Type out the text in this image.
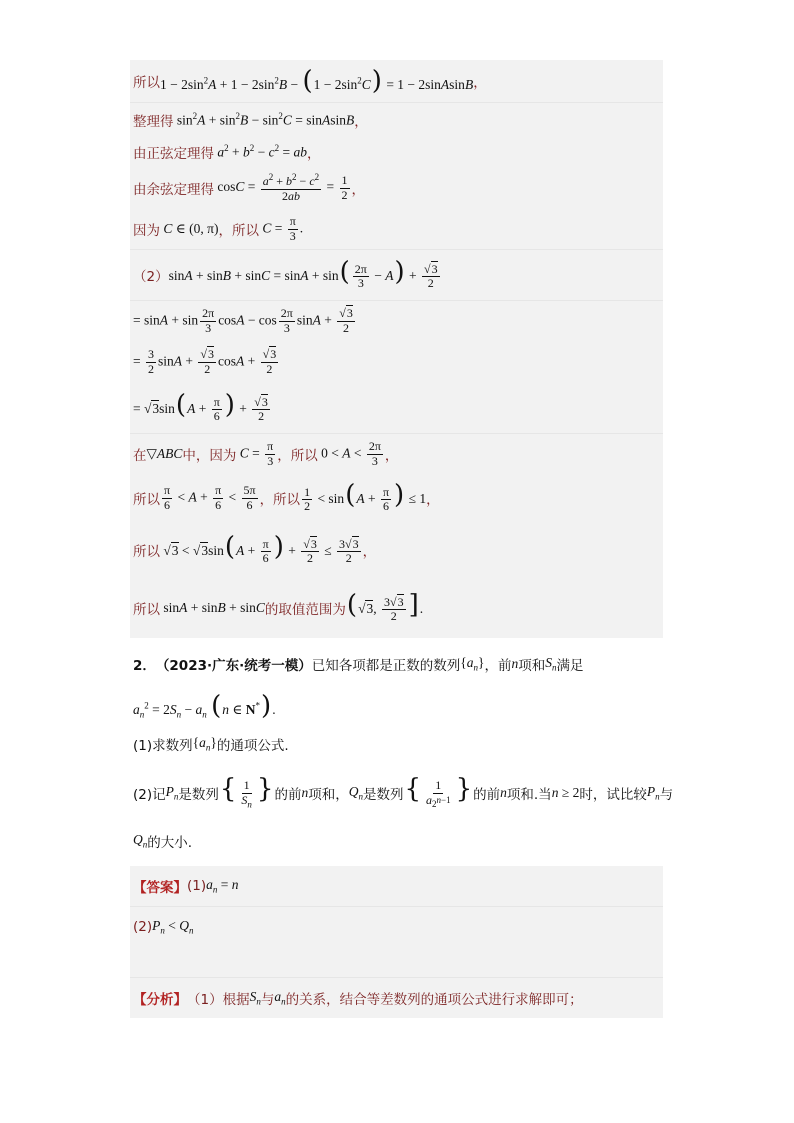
所以 $1 - 2\sin^2A + 1 - 2\sin^2B - (1 - 2\sin^2C) = 1$ − 2sinAsinB ，
整理得 $\sin^2A + \sin^2B - \sin^2C$ = sinAsinB ，
由正弦定理得 $a^2 + b^2 - c^2$ = ab ，
由余弦定理得 $\cos C = \frac{a^2 + b^2 - c^2}{2ab} = \frac{1}{2}$ ，
因为 C ∈ (0, π) ，所以 $C = \frac{\pi}{3}$ .
（2） $\sin A + \sin B + \sin C = \sin A + \sin( \frac{2\pi}{3} - A) + \frac{√3}{2}$
= $\sin A + \sin \frac{2\pi}{3}$ $\cos A - \cos \frac{2\pi}{3}$ $\sin A + \frac{√3}{2}$
= $\frac{3}{2}$ $\sin A + \frac{√3}{2}$ $\cos A + \frac{√3}{2}$
= $√3\sin(A + \frac{\pi}{6}$ ) + $\frac{√3}{2}$
在 ▽ABC 中，因为 $C = \frac{\pi}{3}$ ，所以 $0 < A < \frac{2\pi}{3}$ ，
所以 $\frac{\pi}{6} < A + \frac{\pi}{6} < \frac{5\pi}{6}$ ，所以 $\frac{1}{2} < \sin(A + \frac{\pi}{6}$ ) ≤ 1 ，
所以 $√3 < √3\sin(A + \frac{\pi}{6}$ ) + $\frac{√3}{2} \le \frac{3√3}{2}$ ，
所以 sinA + sinB + sinC 的取值范围为 (√3, $\frac{3√3}{2}$ ].
2． （2023·广东·统考一模） 已知各项都是正数的数列 $\{a_n\}$ ，前 n 项和 $S_n$ 满足
$a_n^2 = 2S_n - a_n$ (n ∈ N*).
(1)求数列 $\{a_n\}$ 的通项公式.
(2)记 $P_n$ 是数列 { $\frac{1}{S_n}$ } 的前 n 项和， $Q_n$ 是数列 { $\frac{1}{a_{2^{n-1}}}$ } 的前 n 项和.当 n ≥ 2 时，试比较 $P_n$ 与
$Q_n$ 的大小.
【答案】 (1) $a_n = n$
(2) $P_n < Q_n$
【分析】 （1）根据 $S_n$ 与 $a_n$ 的关系，结合等差数列的通项公式进行求解即可；
